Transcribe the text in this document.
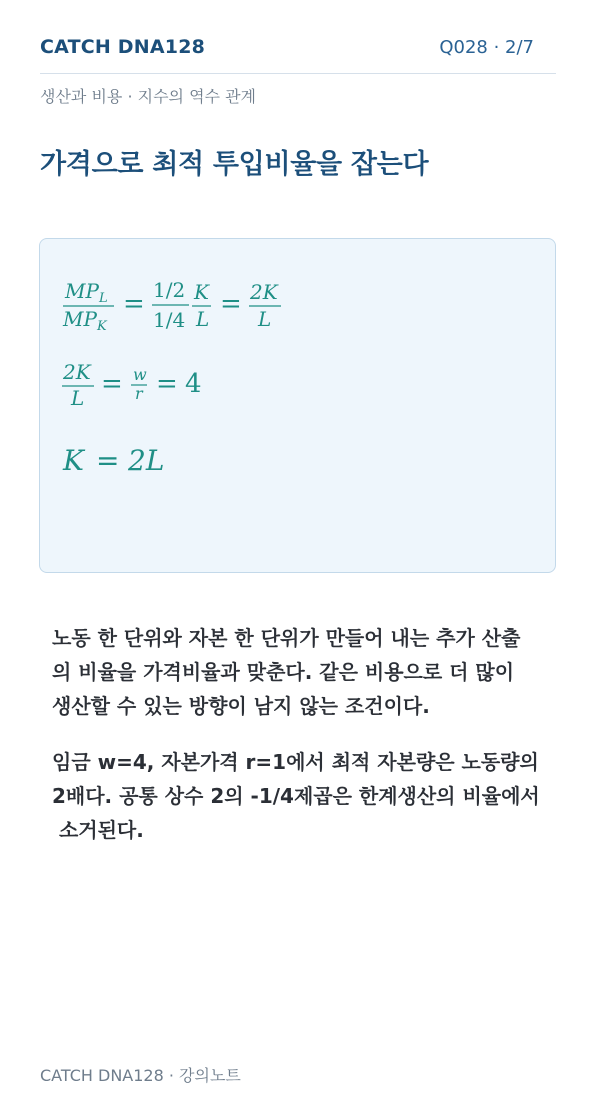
CATCH DNA128	Q028 · 2/7
생산과 비용 · 지수의 역수 관계
가격으로 최적 투입비율을 잡는다
$MP_L$
$MP_K$
= 1/2
1/4
K
L = 2K
L
2K
L = w
r = 4
K = 2L

노동 한 단위와 자본 한 단위가 만들어 내는 추가 산출
의 비율을 가격비율과 맞춘다. 같은 비용으로 더 많이
생산할 수 있는 방향이 남지 않는 조건이다.

임금 w=4, 자본가격 r=1에서 최적 자본량은 노동량의
2배다. 공통 상수 2의 -1/4제곱은 한계생산의 비율에서
소거된다.

CATCH DNA128 · 강의노트
